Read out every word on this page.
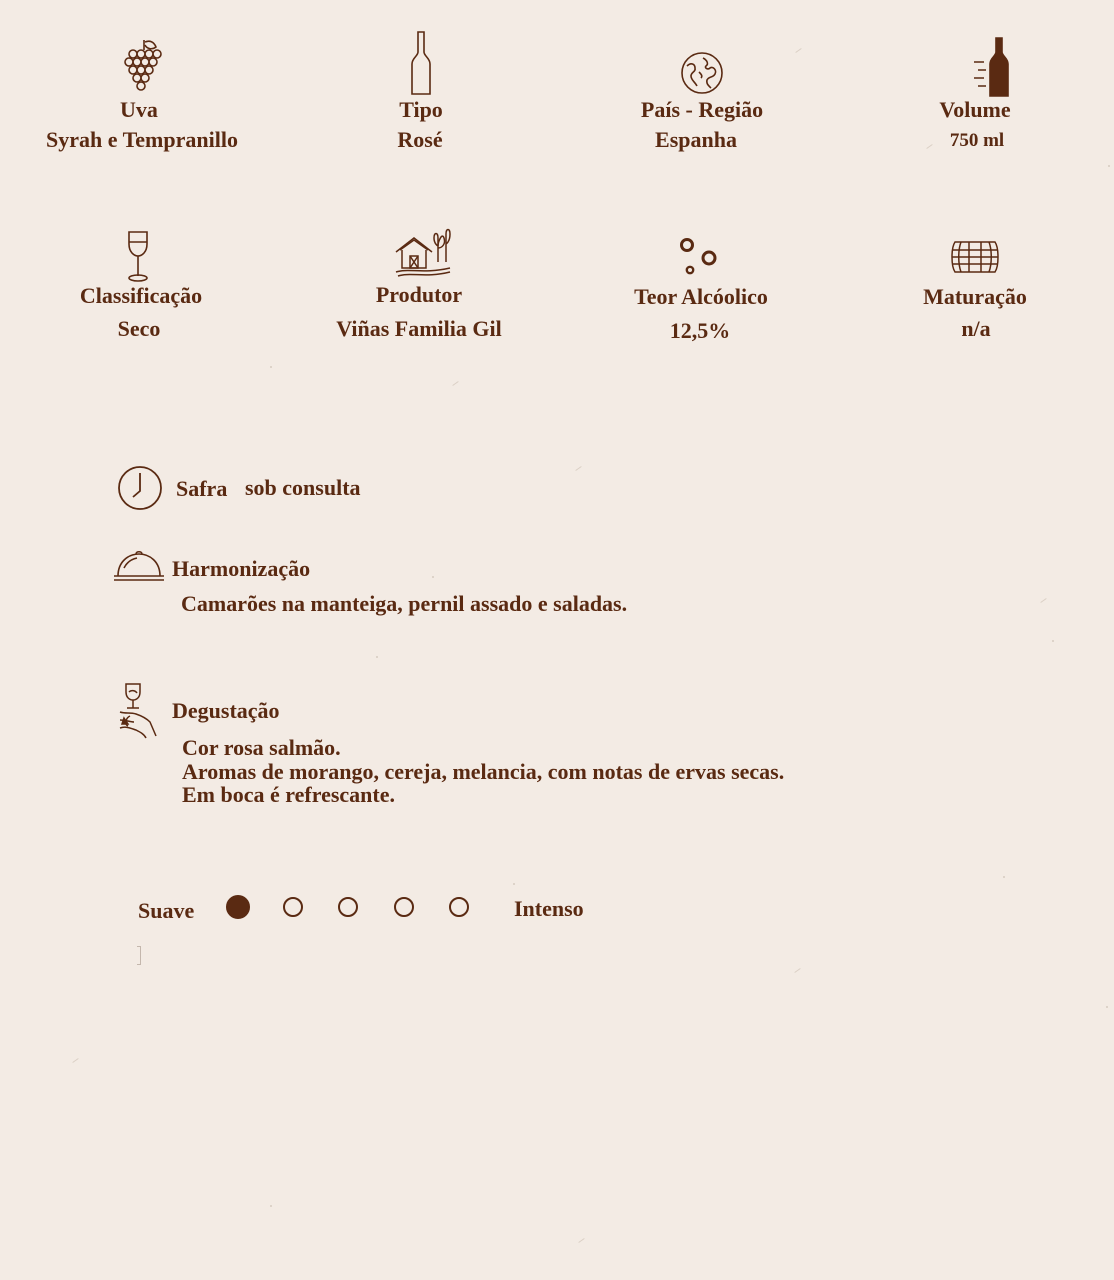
Uva
Syrah e Tempranillo
Tipo
Rosé
País - Região
Espanha
Volume
750 ml
Classificação
Seco
Produtor
Viñas Familia Gil
Teor Alcóolico
12,5%
Maturação
n/a
Safra sob consulta
Harmonização
Camarões na manteiga, pernil assado e saladas.
Degustação
Cor rosa salmão.
Aromas de morango, cereja, melancia, com notas de ervas secas.
Em boca é refrescante.
Suave	Intenso
